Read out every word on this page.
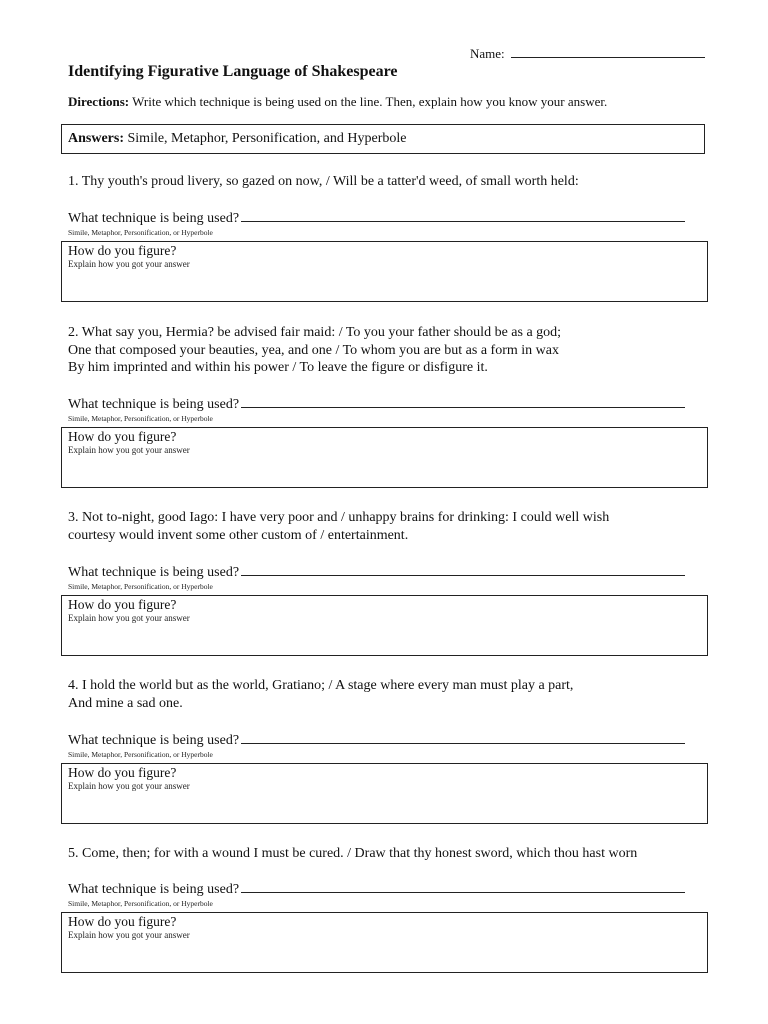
Name:
Identifying Figurative Language of Shakespeare
Directions: Write which technique is being used on the line. Then, explain how you know your answer.
Answers: Simile, Metaphor, Personification, and Hyperbole
1. Thy youth's proud livery, so gazed on now, / Will be a tatter'd weed, of small worth held:
What technique is being used?
Simile, Metaphor, Personification, or Hyperbole
How do you figure?
Explain how you got your answer
2. What say you, Hermia? be advised fair maid: / To you your father should be as a god;
One that composed your beauties, yea, and one / To whom you are but as a form in wax
By him imprinted and within his power / To leave the figure or disfigure it.
What technique is being used?
Simile, Metaphor, Personification, or Hyperbole
How do you figure?
Explain how you got your answer
3. Not to-night, good Iago: I have very poor and / unhappy brains for drinking: I could well wish
courtesy would invent some other custom of / entertainment.
What technique is being used?
Simile, Metaphor, Personification, or Hyperbole
How do you figure?
Explain how you got your answer
4. I hold the world but as the world, Gratiano; / A stage where every man must play a part,
And mine a sad one.
What technique is being used?
Simile, Metaphor, Personification, or Hyperbole
How do you figure?
Explain how you got your answer
5. Come, then; for with a wound I must be cured. / Draw that thy honest sword, which thou hast worn
What technique is being used?
Simile, Metaphor, Personification, or Hyperbole
How do you figure?
Explain how you got your answer
